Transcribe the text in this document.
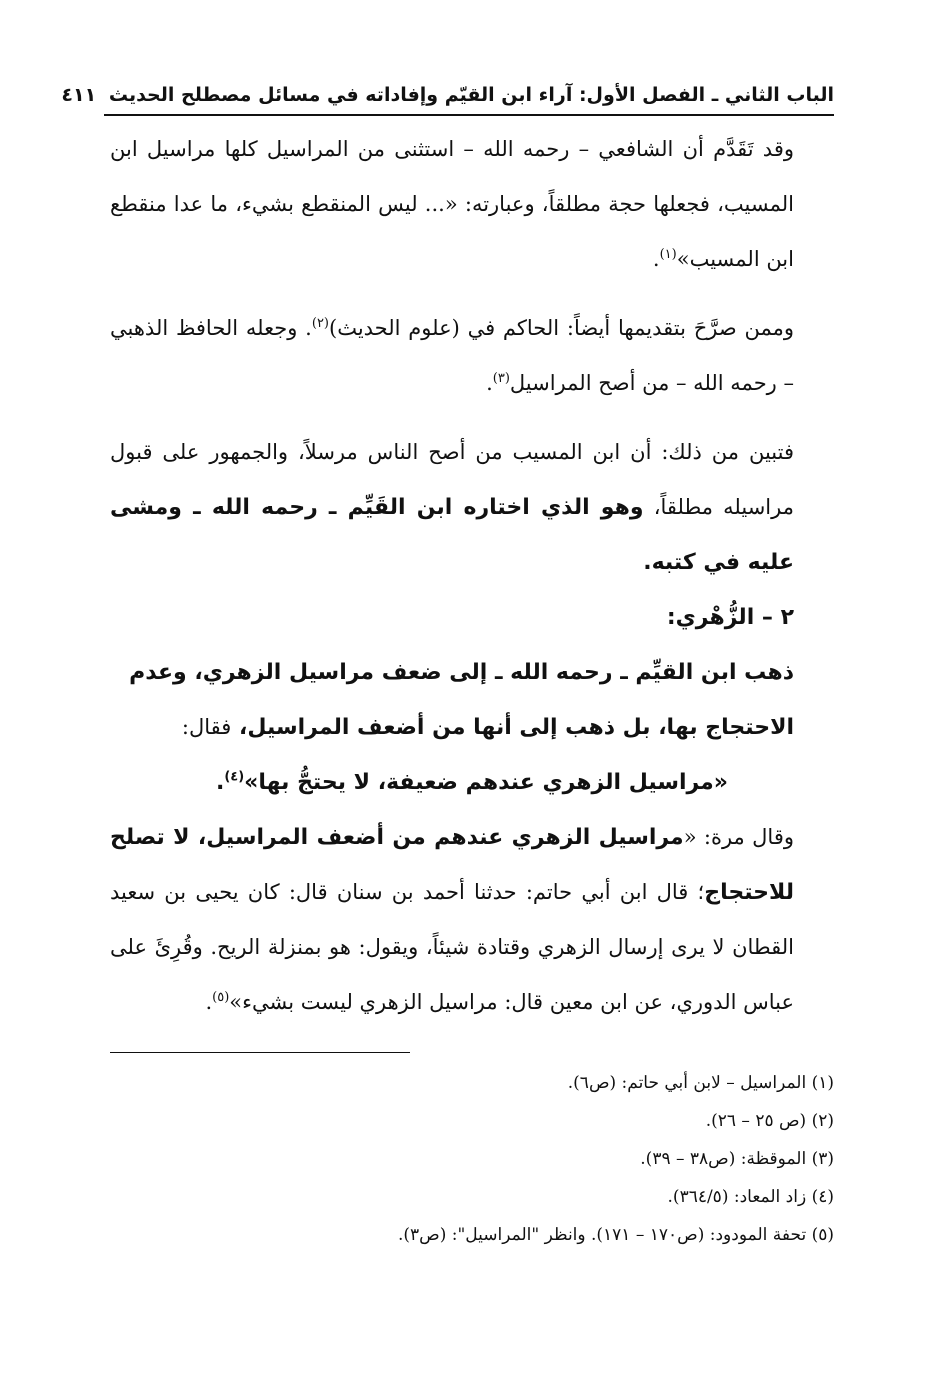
الباب الثاني ـ الفصل الأول: آراء ابن القيّم وإفاداته في مسائل مصطلح الحديث ٤١١

وقد تَقَدَّم أن الشافعي – رحمه الله – استثنى من المراسيل كلها مراسيل ابن المسيب، فجعلها حجة مطلقاً، وعبارته: «... ليس المنقطع بشيء، ما عدا منقطع ابن المسيب»$^{(١)}$.

وممن صرَّحَ بتقديمها أيضاً: الحاكم في (علوم الحديث)$^{(٢)}$. وجعله الحافظ الذهبي – رحمه الله – من أصح المراسيل$^{(٣)}$.

فتبين من ذلك: أن ابن المسيب من أصح الناس مرسلاً، والجمهور على قبول مراسيله مطلقاً، وهو الذي اختاره ابن القَيِّم ـ رحمه الله ـ ومشى عليه في كتبه.

٢ – الزُّهْري:

ذهب ابن القيِّم ـ رحمه الله ـ إلى ضعف مراسيل الزهري، وعدم الاحتجاج بها، بل ذهب إلى أنها من أضعف المراسيل، فقال:

«مراسيل الزهري عندهم ضعيفة، لا يحتجُّ بها»$^{(٤)}$.

وقال مرة: «مراسيل الزهري عندهم من أضعف المراسيل، لا تصلح للاحتجاج؛ قال ابن أبي حاتم: حدثنا أحمد بن سنان قال: كان يحيى بن سعيد القطان لا يرى إرسال الزهري وقتادة شيئاً، ويقول: هو بمنزلة الريح. وقُرِئَ على عباس الدوري، عن ابن معين قال: مراسيل الزهري ليست بشيء»$^{(٥)}$.

(١) المراسيل – لابن أبي حاتم: (ص٦).
(٢) (ص ٢٥ – ٢٦).
(٣) الموقظة: (ص٣٨ – ٣٩).
(٤) زاد المعاد: (٣٦٤/٥).
(٥) تحفة المودود: (ص١٧٠ – ١٧١). وانظر "المراسيل": (ص٣).
